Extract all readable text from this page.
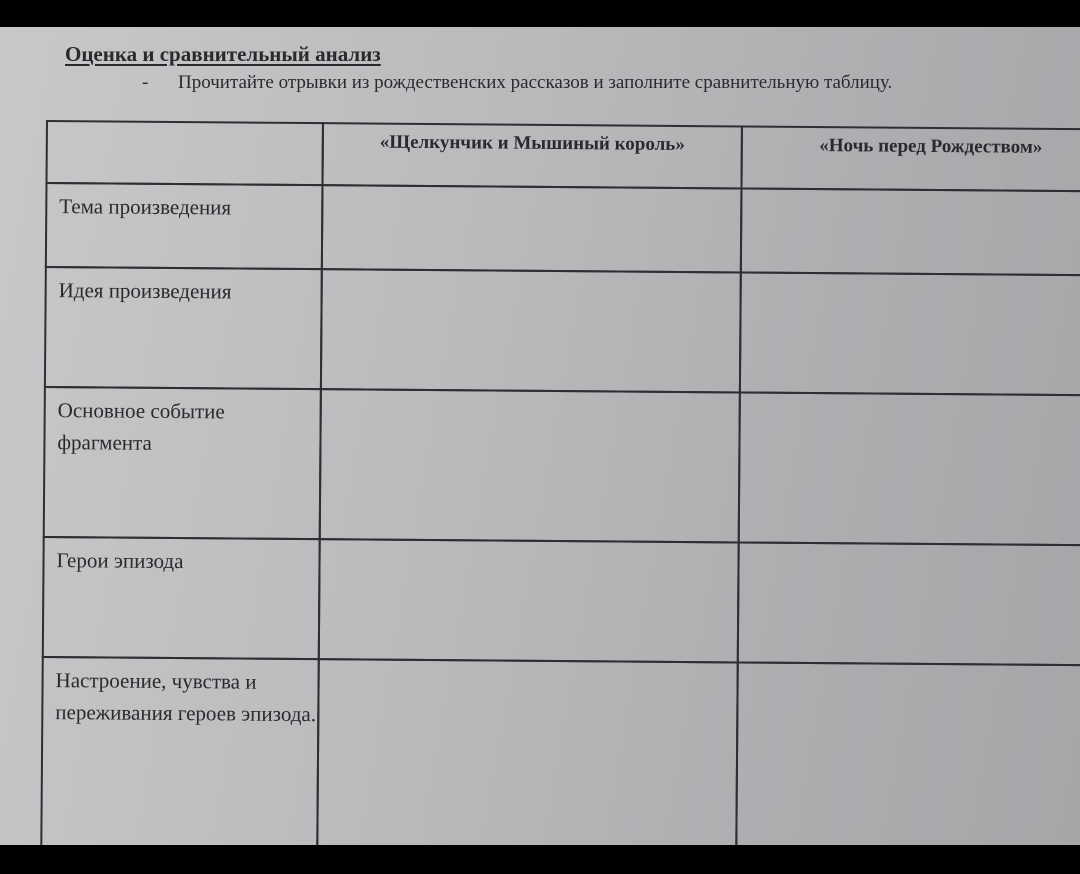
Оценка и сравнительный анализ
- Прочитайте отрывки из рождественских рассказов и заполните сравнительную таблицу.
«Щелкунчик и Мышиный король»	«Ночь перед Рождеством»
Тема произведения
Идея произведения
Основное событие фрагмента
Герои эпизода
Настроение, чувства и переживания героев эпизода.
